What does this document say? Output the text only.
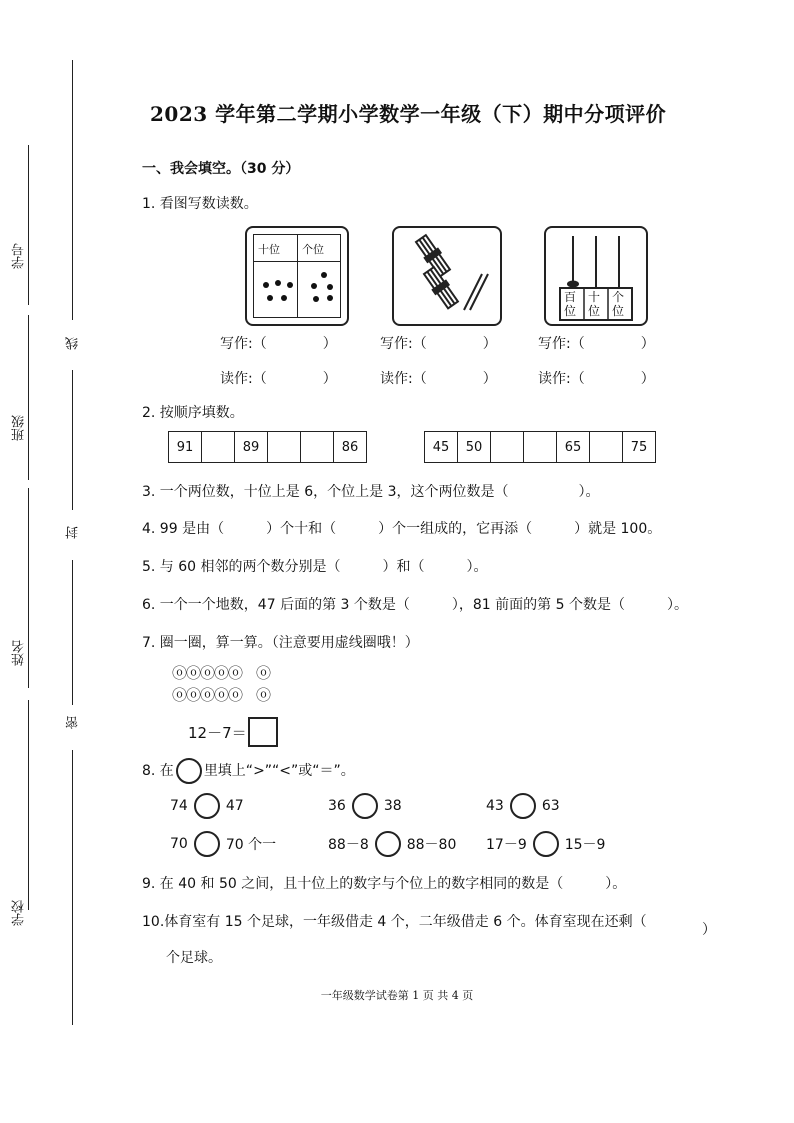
学号
班级
姓名
学校
线
封
密
2023 学年第二学期小学数学一年级（下）期中分项评价
一、我会填空。（30 分）
1. 看图写数读数。
十位 个位
百
位
十
位
个
位
写作:（　　　　）	写作:（　　　　）	写作:（　　　　）
读作:（　　　　）	读作:（　　　　）	读作:（　　　　）
2. 按顺序填数。
91		89			86	45	50			65		75
3. 一个两位数，十位上是 6，个位上是 3，这个两位数是（　　　　　）。
4. 99 是由（　　　）个十和（　　　）个一组成的，它再添（　　　）就是 100。
5. 与 60 相邻的两个数分别是（　　　）和（　　　）。
6. 一个一个地数，47 后面的第 3 个数是（　　　），81 前面的第 5 个数是（　　　）。
7. 圈一圈，算一算。（注意要用虚线圈哦！）
ⓞⓞⓞⓞⓞ　ⓞ
ⓞⓞⓞⓞⓞ　ⓞ
12－7＝
8. 在 里填上“>”“<”或“＝”。
74	47	36	38	43	63
70	70 个一	88－8	88－80 17－9	15－9
9. 在 40 和 50 之间，且十位上的数字与个位上的数字相同的数是（　　　）。
10.体育室有 15 个足球，一年级借走 4 个，二年级借走 6 个。体育室现在还剩（	）
个足球。
一年级数学试卷第 1 页 共 4 页
